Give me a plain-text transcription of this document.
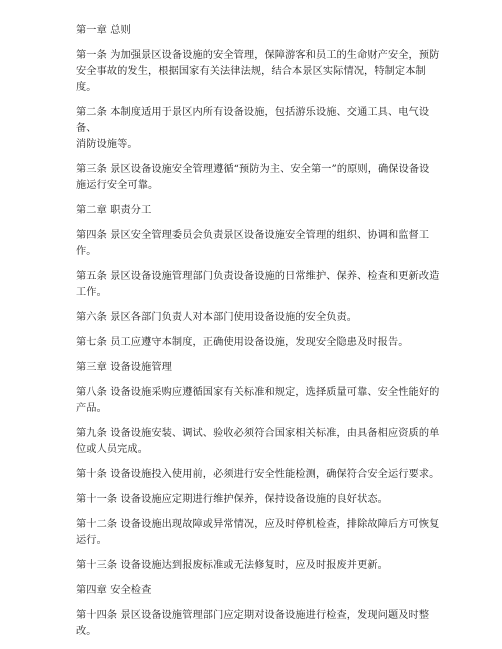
第一章 总则

第一条 为加强景区设备设施的安全管理，保障游客和员工的生命财产安全，预防
安全事故的发生，根据国家有关法律法规，结合本景区实际情况，特制定本制度。

第二条 本制度适用于景区内所有设备设施，包括游乐设施、交通工具、电气设备、
消防设施等。

第三条 景区设备设施安全管理遵循“预防为主、安全第一”的原则，确保设备设
施运行安全可靠。

第二章 职责分工

第四条 景区安全管理委员会负责景区设备设施安全管理的组织、协调和监督工作。

第五条 景区设备设施管理部门负责设备设施的日常维护、保养、检查和更新改造
工作。

第六条 景区各部门负责人对本部门使用设备设施的安全负责。

第七条 员工应遵守本制度，正确使用设备设施，发现安全隐患及时报告。

第三章 设备设施管理

第八条 设备设施采购应遵循国家有关标准和规定，选择质量可靠、安全性能好的
产品。

第九条 设备设施安装、调试、验收必须符合国家相关标准，由具备相应资质的单
位或人员完成。

第十条 设备设施投入使用前，必须进行安全性能检测，确保符合安全运行要求。

第十一条 设备设施应定期进行维护保养，保持设备设施的良好状态。

第十二条 设备设施出现故障或异常情况，应及时停机检查，排除故障后方可恢复
运行。

第十三条 设备设施达到报废标准或无法修复时，应及时报废并更新。

第四章 安全检查

第十四条 景区设备设施管理部门应定期对设备设施进行检查，发现问题及时整改。
